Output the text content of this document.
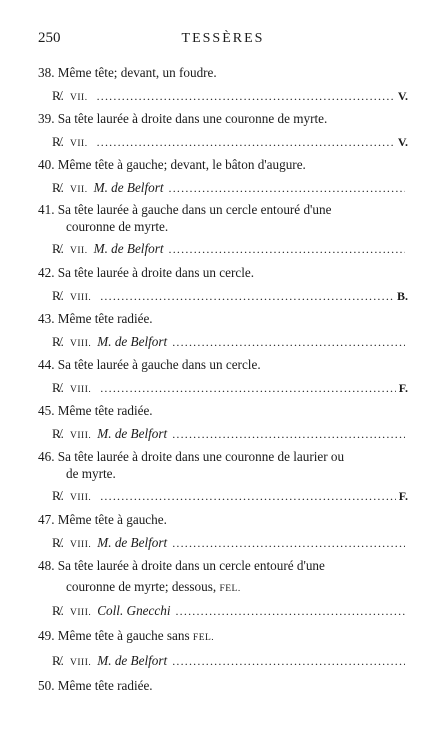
250	TESSÈRES
38. Même tête; devant, un foudre.
R̸. VII. .....	V.
39. Sa tête laurée à droite dans une couronne de myrte.
R̸. VII. .....	V.
40. Même tête à gauche; devant, le bâton d'augure.
R̸. VII. M. de Belfort
.....
41. Sa tête laurée à gauche dans un cercle entouré d'une
couronne de myrte.
R̸. VII. M. de Belfort
.....
42. Sa tête laurée à droite dans un cercle.
R̸. VIII. .....	B.
43. Même tête radiée.
R̸. VIII. M. de Belfort
.....
44. Sa tête laurée à gauche dans un cercle.
R̸. VIII. .....	F.
45. Même tête radiée.
R̸. VIII. M. de Belfort
.....
46. Sa tête laurée à droite dans une couronne de laurier ou
de myrte.
R̸. VIII. .....	F.
47. Même tête à gauche.
R̸. VIII. M. de Belfort
.....
48. Sa tête laurée à droite dans un cercle entouré d'une
couronne de myrte; dessous, FEL.
R̸. VIII. Coll. Gnecchi
.....
49. Même tête à gauche sans FEL.
R̸. VIII. M. de Belfort
.....
50. Même tête radiée.
